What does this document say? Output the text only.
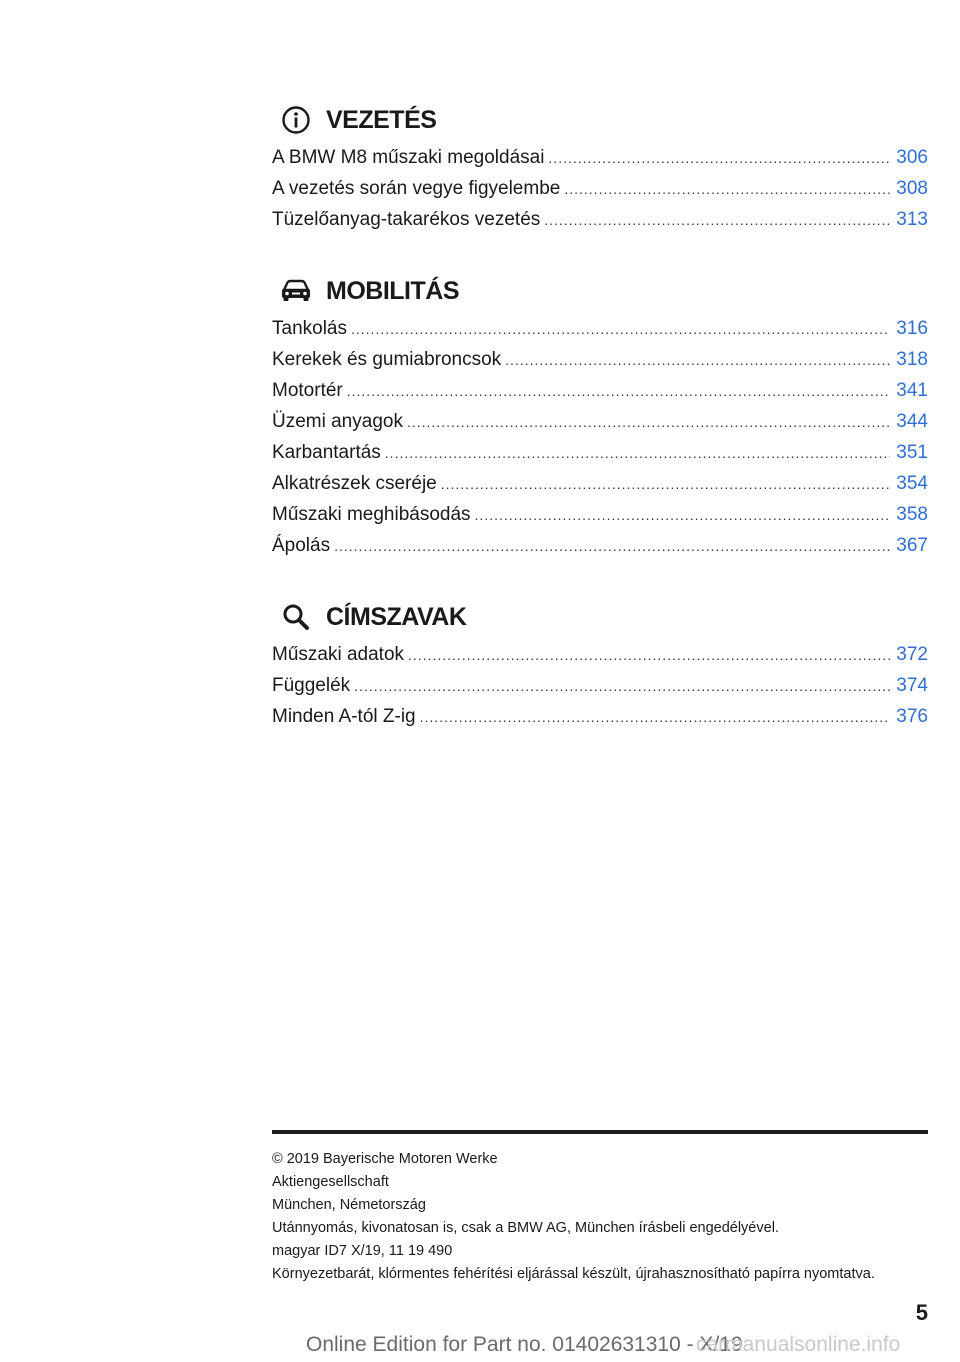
VEZETÉS
A BMW M8 műszaki megoldásai .....	306
A vezetés során vegye figyelembe .....	308
Tüzelőanyag-takarékos vezetés .....	313
MOBILITÁS
Tankolás .....	316
Kerekek és gumiabroncsok .....	318
Motortér .....	341
Üzemi anyagok .....	344
Karbantartás .....	351
Alkatrészek cseréje .....	354
Műszaki meghibásodás .....	358
Ápolás .....	367
CÍMSZAVAK
Műszaki adatok .....	372
Függelék .....	374
Minden A-tól Z-ig .....	376
© 2019 Bayerische Motoren Werke
Aktiengesellschaft
München, Németország
Utánnyomás, kivonatosan is, csak a BMW AG, München írásbeli engedélyével.
magyar ID7 X/19, 11 19 490
Környezetbarát, klórmentes fehérítési eljárással készült, újrahasznosítható papírra nyomtatva.
5
Online Edition for Part no. 01402631310 - X/19
carmanualsonline.info
